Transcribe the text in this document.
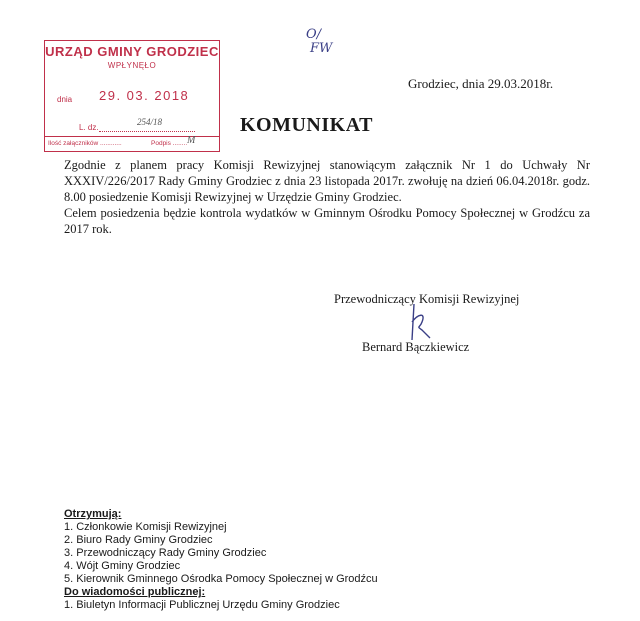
URZĄD GMINY GRODZIEC
WPŁYNĘŁO
dnia 29. 03. 2018
L. dz.
254/18
Ilość załączników ............	Podpis ........ M
O/
FW
Grodziec, dnia 29.03.2018r.
KOMUNIKAT

Zgodnie z planem pracy Komisji Rewizyjnej stanowiącym załącznik Nr 1 do Uchwały Nr XXXIV/226/2017 Rady Gminy Grodziec z dnia 23 listopada 2017r. zwołuję na dzień 06.04.2018r. godz. 8.00 posiedzenie Komisji Rewizyjnej w Urzędzie Gminy Grodziec.

Celem posiedzenia będzie kontrola wydatków w Gminnym Ośrodku Pomocy Społecznej w Grodźcu za 2017 rok.

Przewodniczący Komisji Rewizyjnej
Bernard Bączkiewicz
Otrzymują:
1. Członkowie Komisji Rewizyjnej
2. Biuro Rady Gminy Grodziec
3. Przewodniczący Rady Gminy Grodziec
4. Wójt Gminy Grodziec
5. Kierownik Gminnego Ośrodka Pomocy Społecznej w Grodźcu
Do wiadomości publicznej:
1. Biuletyn Informacji Publicznej Urzędu Gminy Grodziec
